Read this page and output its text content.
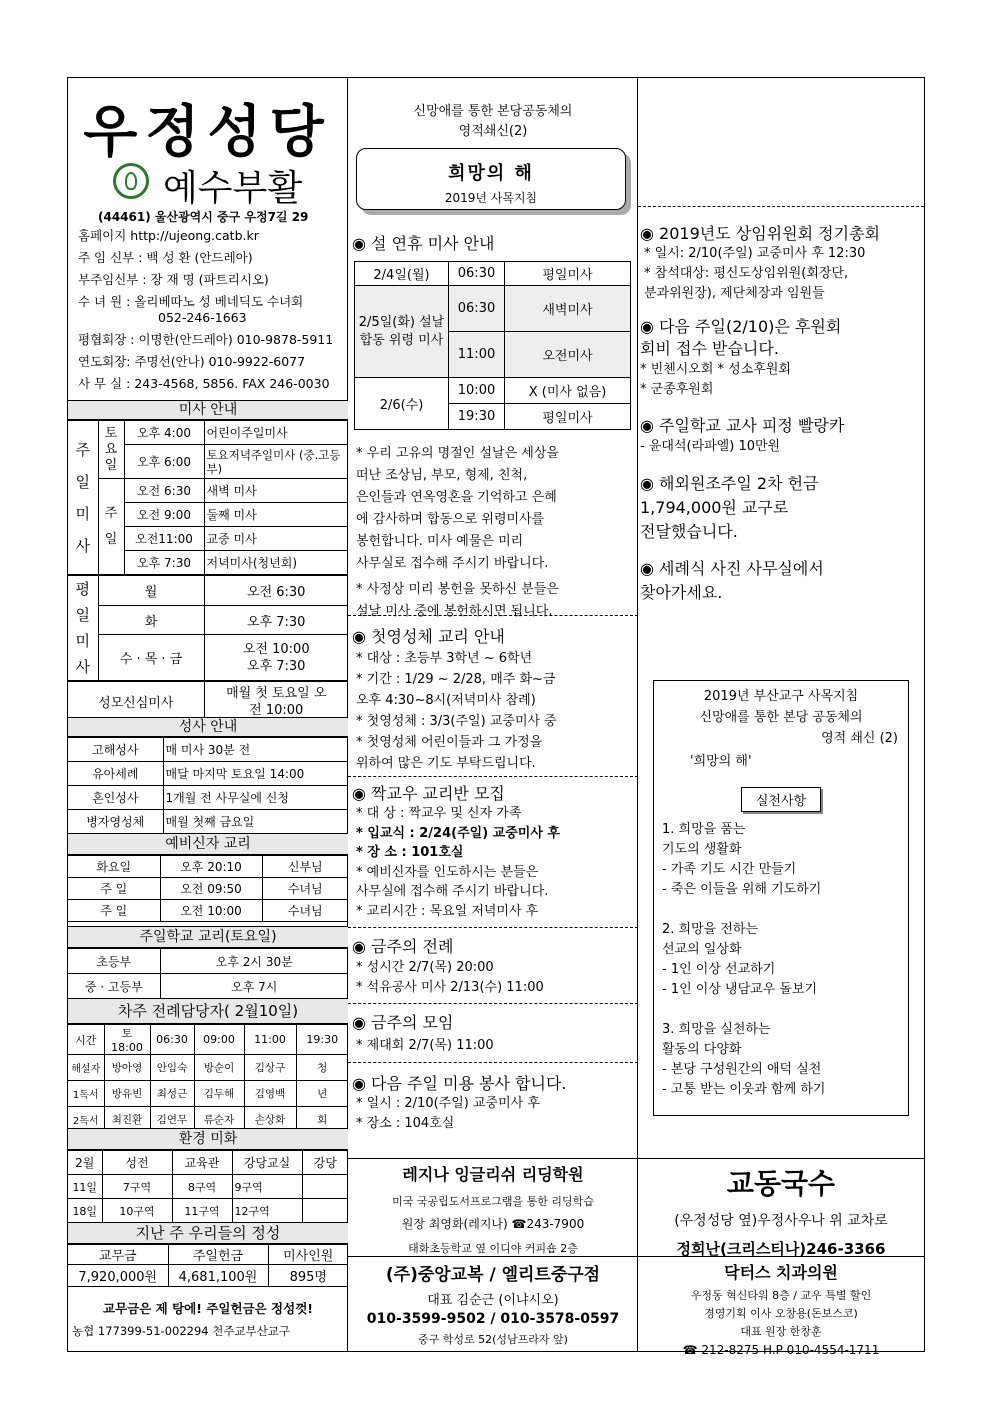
우정성당
예수부활
(44461) 울산광역시 중구 우정7길 29
홈페이지 http://ujeong.catb.kr
주 임 신부 : 백 성 환 (안드레아)
부주임신부 : 장 재 명 (파트리시오)
수 녀 원 : 올리베따노 성 베네딕도 수녀회
052-246-1663
평협회장 : 이명한(안드레아) 010-9878-5911
연도회장: 주명선(안나) 010-9922-6077
사 무 실 : 243-4568, 5856. FAX 246-0030
미사 안내
주일미사	토요일	오후 4:00	어린이주일미사
		오후 6:00	토요저녁주일미사 (중.고등부)
	주일	오전 6:30	새벽 미사
		오전 9:00	둘째 미사
		오전11:00	교중 미사
		오후 7:30	저녁미사(청년회)
평일미사	월	오전 6:30
	화	오후 7:30
	수 · 목 · 금	오전 10:00 오후 7:30
성모신심미사	매월 첫 토요일 오전 10:00
성사 안내
고해성사	매 미사 30분 전
유아세례	매달 마지막 토요일 14:00
혼인성사	1개월 전 사무실에 신청
병자영성체	매월 첫째 금요일
예비신자 교리
화요일	오후 20:10	신부님
주 일	오전 09:50	수녀님
주 일	오전 10:00	수녀님
주일학교 교리(토요일)
초등부	오후 2시 30분
중 · 고등부	오후 7시
차주 전례담당자( 2월10일)
시간	토18:00	06:30	09:00	11:00	19:30
해설자	방아영	안임숙	방순이	김상구	청
1독서	방유빈	최성근	김두해	김영백	년
2독서	최진환	김연무	류순자	손상화	회
환경 미화
2월	성전	교육관	강당교실	강당
11일	7구역	8구역	9구역	
18일	10구역	11구역	12구역	
지난 주 우리들의 정성
교무금	주일헌금	미사인원
7,920,000원	4,681,100원	895명
교무금은 제 탕에! 주일헌금은 정성껏!
농협 177399-51-002294 천주교부산교구
신망애를 통한 본당공동체의
영적쇄신(2)
희망의 해
2019년 사목지침
◉ 설 연휴 미사 안내
2/4일(월)	06:30	평일미사
2/5일(화) 설날 합동 위령 미사	06:30	새벽미사
	11:00	오전미사
2/6(수)	10:00	X (미사 없음)
	19:30	평일미사
* 우리 고유의 명절인 설날은 세상을
떠난 조상님, 부모, 형제, 친척,
은인들과 연옥영혼을 기억하고 은혜
에 감사하며 합동으로 위령미사를
봉헌합니다. 미사 예물은 미리
사무실로 접수해 주시기 바랍니다.
* 사정상 미리 봉헌을 못하신 분들은
설날 미사 중에 봉헌하시면 됩니다.
◉ 첫영성체 교리 안내
* 대상 : 초등부 3학년 ~ 6학년
* 기간 : 1/29 ~ 2/28, 매주 화~금
오후 4:30~8시(저녁미사 참례)
* 첫영성체 : 3/3(주일) 교중미사 중
* 첫영성체 어린이들과 그 가정을
위하여 많은 기도 부탁드립니다.
◉ 짝교우 교리반 모집
* 대 상 : 짝교우 및 신자 가족
* 입교식 : 2/24(주일) 교중미사 후
* 장 소 : 101호실
* 예비신자를 인도하시는 분들은
사무실에 접수해 주시기 바랍니다.
* 교리시간 : 목요일 저녁미사 후
◉ 금주의 전례
* 성시간 2/7(목) 20:00
* 석유공사 미사 2/13(수) 11:00
◉ 금주의 모임
* 제대회 2/7(목) 11:00
◉ 다음 주일 미용 봉사 합니다.
* 일시 : 2/10(주일) 교중미사 후
* 장소 : 104호실
◉ 2019년도 상임위원회 정기총회
* 일시: 2/10(주일) 교중미사 후 12:30
* 참석대상: 평신도상임위원(회장단,
분과위원장), 제단체장과 임원들
◉ 다음 주일(2/10)은 후원회
회비 접수 받습니다.
* 빈첸시오회 * 성소후원회
* 군종후원회
◉ 주일학교 교사 피정 빨랑카
- 윤대석(라파엘) 10만원
◉ 해외원조주일 2차 헌금
1,794,000원 교구로
전달했습니다.
◉ 세례식 사진 사무실에서
찾아가세요.
2019년 부산교구 사목지침
신망애를 통한 본당 공동체의
영적 쇄신 (2)
'희망의 해'
실천사항
1. 희망을 품는
기도의 생활화
- 가족 기도 시간 만들기
- 죽은 이들을 위해 기도하기
2. 희망을 전하는
선교의 일상화
- 1인 이상 선교하기
- 1인 이상 냉담교우 돌보기
3. 희망을 실천하는
활동의 다양화
- 본당 구성원간의 애덕 실천
- 고통 받는 이웃과 함께 하기
레지나 잉글리쉬 리딩학원
미국 국공립도서프로그램을 통한 리딩학습
원장 최영화(레지나) ☎243-7900
태화초등학교 옆 이디야 커피숍 2층
교동국수
(우정성당 옆)우정사우나 위 교차로
정희난(크리스티나)246-3366
(주)중앙교복 / 엘리트중구점
대표 김순근 (이냐시오)
010-3599-9502 / 010-3578-0597
중구 학성로 52(성남프라자 앞)
닥터스 치과의원
우정동 혁신타워 8층 / 교우 특별 할인
경영기획 이사 오창용(돈보스코)
대표 원장 한창훈
☎ 212-8275 H.P 010-4554-1711
